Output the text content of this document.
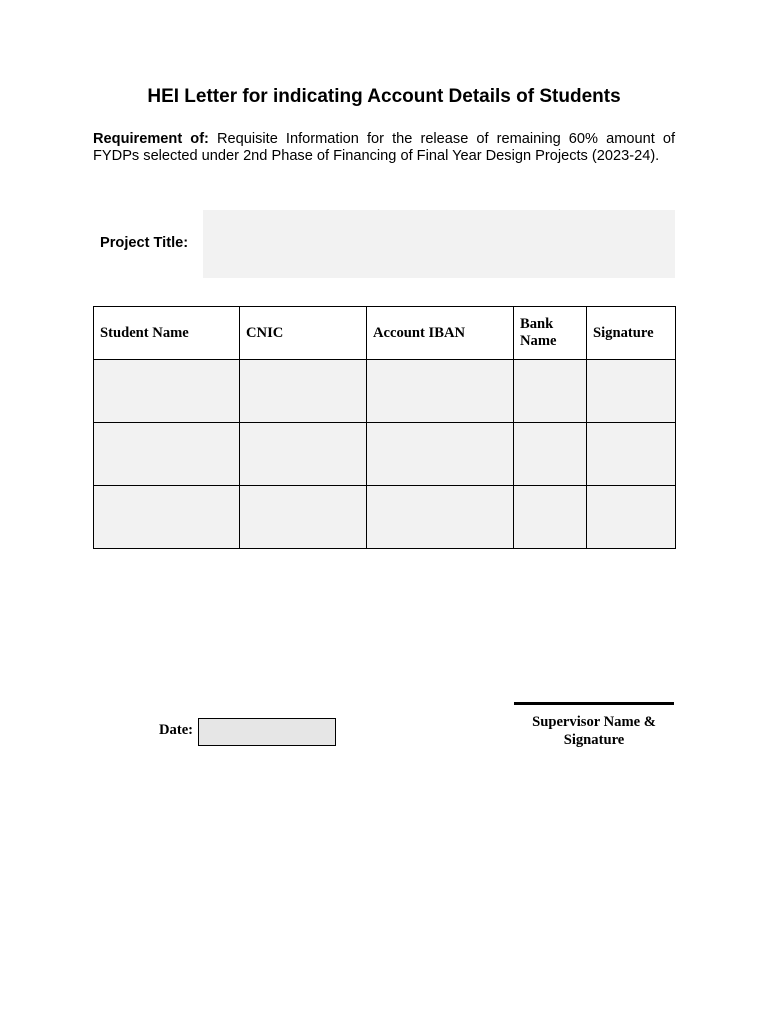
HEI Letter for indicating Account Details of Students
Requirement of: Requisite Information for the release of remaining 60% amount of FYDPs selected under 2nd Phase of Financing of Final Year Design Projects (2023-24).
Project Title:
Student Name	CNIC	Account IBAN	Bank Name	Signature

Date:	Supervisor Name & Signature
